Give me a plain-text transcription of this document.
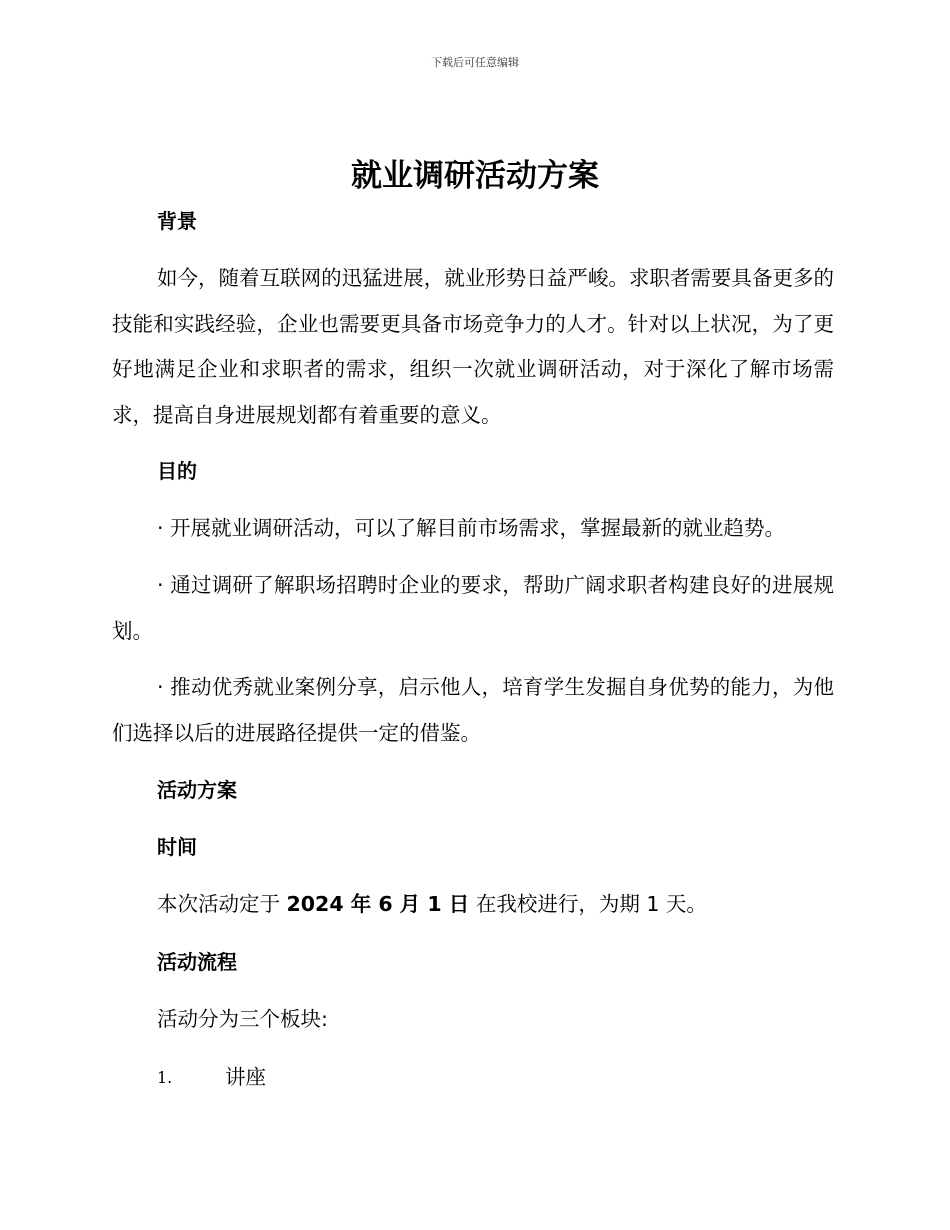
下载后可任意编辑
就业调研活动方案
背景
如今，随着互联网的迅猛进展，就业形势日益严峻。求职者需要具备更多的技能和实践经验，企业也需要更具备市场竞争力的人才。针对以上状况，为了更好地满足企业和求职者的需求，组织一次就业调研活动，对于深化了解市场需求，提高自身进展规划都有着重要的意义。
目的
· 开展就业调研活动，可以了解目前市场需求，掌握最新的就业趋势。
· 通过调研了解职场招聘时企业的要求，帮助广阔求职者构建良好的进展规划。
· 推动优秀就业案例分享，启示他人，培育学生发掘自身优势的能力，为他们选择以后的进展路径提供一定的借鉴。
活动方案
时间
本次活动定于 2024 年 6 月 1 日 在我校进行，为期 1 天。
活动流程
活动分为三个板块:
1.	讲座
